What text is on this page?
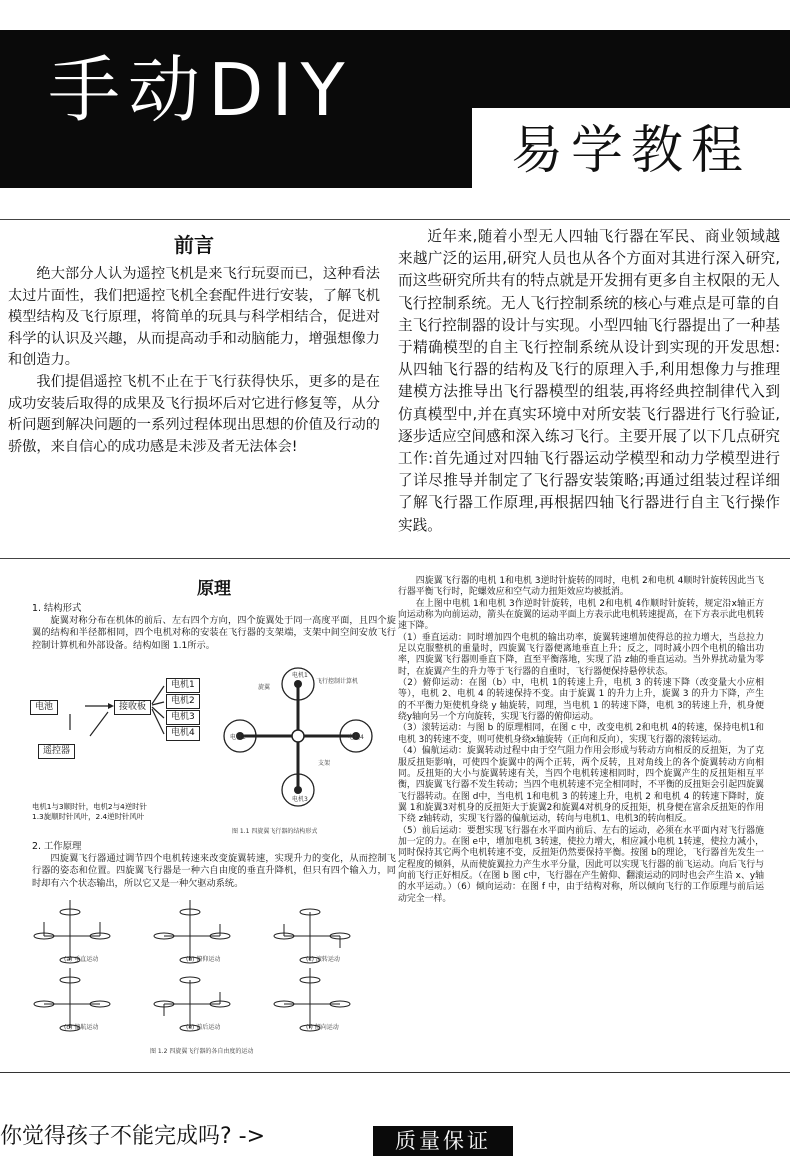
手动DIY
易学教程
前言

绝大部分人认为遥控飞机是来飞行玩耍而已，这种看法太过片面性，我们把遥控飞机全套配件进行安装，了解飞机模型结构及飞行原理，将简单的玩具与科学相结合，促进对科学的认识及兴趣，从而提高动手和动脑能力，增强想像力和创造力。

我们提倡遥控飞机不止在于飞行获得快乐，更多的是在成功安装后取得的成果及飞行损坏后对它进行修复等，从分析问题到解决问题的一系列过程体现出思想的价值及行动的骄傲，来自信心的成功感是未涉及者无法体会!

近年来,随着小型无人四轴飞行器在军民、商业领域越来越广泛的运用,研究人员也从各个方面对其进行深入研究,而这些研究所共有的特点就是开发拥有更多自主权限的无人飞行控制系统。无人飞行控制系统的核心与难点是可靠的自主飞行控制器的设计与实现。小型四轴飞行器提出了一种基于精确模型的自主飞行控制系统从设计到实现的开发思想:从四轴飞行器的结构及飞行的原理入手,利用想像力与推理建模方法推导出飞行器模型的组装,再将经典控制律代入到仿真模型中,并在真实环境中对所安装飞行器进行飞行验证,逐步适应空间感和深入练习飞行。主要开展了以下几点研究工作:首先通过对四轴飞行器运动学模型和动力学模型进行了详尽推导并制定了飞行器安装策略;再通过组装过程详细了解飞行器工作原理,再根据四轴飞行器进行自主飞行操作实践。

原理
1. 结构形式

旋翼对称分布在机体的前后、左右四个方向，四个旋翼处于同一高度平面，且四个旋翼的结构和半径都相同，四个电机对称的安装在飞行器的支架端，支架中间空间安放飞行控制计算机和外部设备。结构如图 1.1所示。

电池	接收板
电机1
电机2
电机3
电机4
遥控器
电机1与3顺时针，电机2与4逆时针
1.3旋顺时针风叶，2.4逆时针风叶
旋翼
飞行控制计算机
电机1
电机2
电机3
电机4
支架
图 1.1 四旋翼飞行器的结构形式
2. 工作原理

四旋翼飞行器通过调节四个电机转速来改变旋翼转速，实现升力的变化，从而控制飞行器的姿态和位置。四旋翼飞行器是一种六自由度的垂直升降机，但只有四个输入力，同时却有六个状态输出，所以它又是一种欠驱动系统。

(a) 垂直运动	(b) 俯仰运动	(c) 滚转运动
(d) 偏航运动	(e) 前后运动	(f) 侧向运动
图 1.2 四旋翼飞行器的各自由度的运动

四旋翼飞行器的电机 1和电机 3逆时针旋转的同时，电机 2和电机 4顺时针旋转因此当飞行器平衡飞行时，陀螺效应和空气动力扭矩效应均被抵消。

在上图中电机 1和电机 3作逆时针旋转，电机 2和电机 4作顺时针旋转，规定沿x轴正方向运动称为向前运动，箭头在旋翼的运动平面上方表示此电机转速提高，在下方表示此电机转速下降。

（1）垂直运动：同时增加四个电机的输出功率，旋翼转速增加使得总的拉力增大，当总拉力足以克服整机的重量时，四旋翼飞行器便离地垂直上升；反之，同时减小四个电机的输出功率，四旋翼飞行器则垂直下降，直至平衡落地，实现了沿 z轴的垂直运动。当外界扰动量为零时，在旋翼产生的升力等于飞行器的自重时，飞行器便保持悬停状态。

（2）俯仰运动：在图（b）中，电机 1的转速上升，电机 3 的转速下降（改变量大小应相等），电机 2、电机 4 的转速保持不变。由于旋翼 1 的升力上升，旋翼 3 的升力下降，产生的不平衡力矩使机身绕 y 轴旋转，同理，当电机 1 的转速下降，电机 3的转速上升，机身便绕y轴向另一个方向旋转，实现飞行器的俯仰运动。

（3）滚转运动：与图 b 的原理相同，在图 c 中，改变电机 2和电机 4的转速，保持电机1和电机 3的转速不变，则可使机身绕x轴旋转（正向和反向），实现飞行器的滚转运动。

（4）偏航运动：旋翼转动过程中由于空气阻力作用会形成与转动方向相反的反扭矩，为了克服反扭矩影响，可使四个旋翼中的两个正转，两个反转，且对角线上的各个旋翼转动方向相同。反扭矩的大小与旋翼转速有关，当四个电机转速相同时，四个旋翼产生的反扭矩相互平衡，四旋翼飞行器不发生转动；当四个电机转速不完全相同时，不平衡的反扭矩会引起四旋翼飞行器转动。在图 d中，当电机 1和电机 3 的转速上升，电机 2 和电机 4 的转速下降时，旋翼 1和旋翼3对机身的反扭矩大于旋翼2和旋翼4对机身的反扭矩，机身便在富余反扭矩的作用下绕 z轴转动，实现飞行器的偏航运动，转向与电机1、电机3的转向相反。

（5）前后运动：要想实现飞行器在水平面内前后、左右的运动，必须在水平面内对飞行器施加一定的力。在图 e中，增加电机 3转速，使拉力增大，相应减小电机 1转速，使拉力减小，同时保持其它两个电机转速不变，反扭矩仍然要保持平衡。按图 b的理论，飞行器首先发生一定程度的倾斜，从而使旋翼拉力产生水平分量，因此可以实现飞行器的前飞运动。向后飞行与向前飞行正好相反。（在图 b 图 c中，飞行器在产生俯仰、翻滚运动的同时也会产生沿 x、y轴的水平运动。）（6）倾向运动：在图 f 中，由于结构对称，所以倾向飞行的工作原理与前后运动完全一样。

你觉得孩子不能完成吗? ->	质量保证
